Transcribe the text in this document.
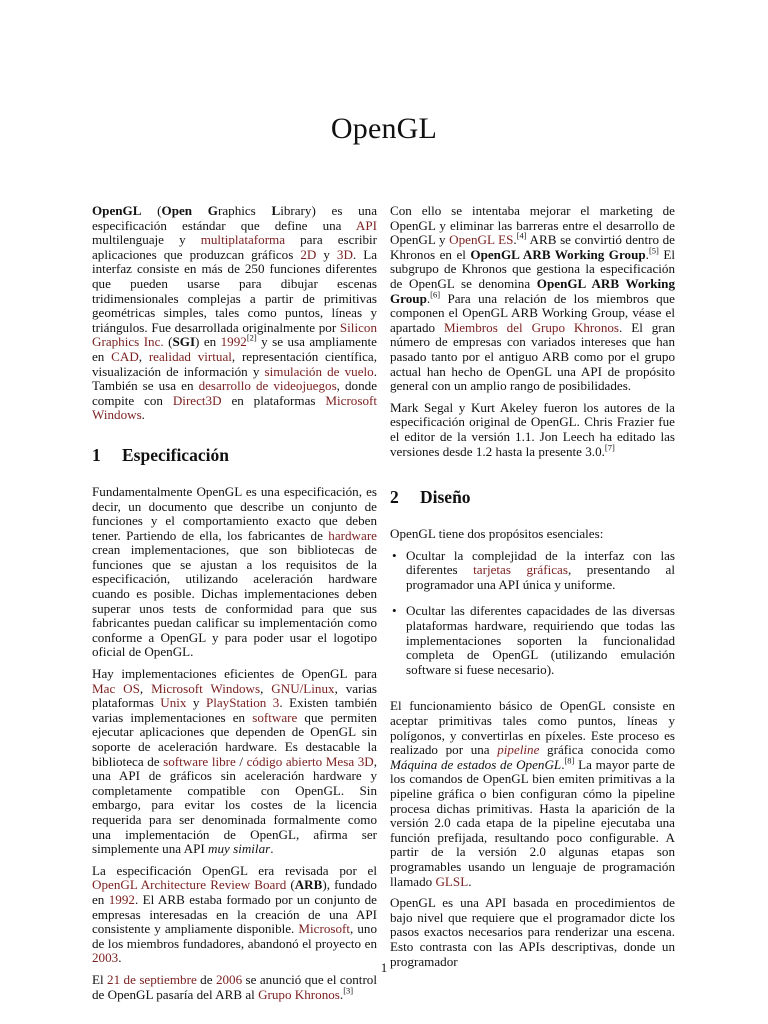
OpenGL

OpenGL (Open Graphics Library) es una especificación estándar que define una API multilenguaje y multiplataforma para escribir aplicaciones que produzcan gráficos 2D y 3D. La interfaz consiste en más de 250 funciones diferentes que pueden usarse para dibujar escenas tridimensionales complejas a partir de primitivas geométricas simples, tales como puntos, líneas y triángulos. Fue desarrollada originalmente por Silicon Graphics Inc. (SGI) en 1992[2] y se usa ampliamente en CAD, realidad virtual, representación científica, visualización de información y simulación de vuelo. También se usa en desarrollo de videojuegos, donde compite con Direct3D en plataformas Microsoft Windows.

1 Especificación

Fundamentalmente OpenGL es una especificación, es decir, un documento que describe un conjunto de funciones y el comportamiento exacto que deben tener. Partiendo de ella, los fabricantes de hardware crean implementaciones, que son bibliotecas de funciones que se ajustan a los requisitos de la especificación, utilizando aceleración hardware cuando es posible. Dichas implementaciones deben superar unos tests de conformidad para que sus fabricantes puedan calificar su implementación como conforme a OpenGL y para poder usar el logotipo oficial de OpenGL.

Hay implementaciones eficientes de OpenGL para Mac OS, Microsoft Windows, GNU/Linux, varias plataformas Unix y PlayStation 3. Existen también varias implementaciones en software que permiten ejecutar aplicaciones que dependen de OpenGL sin soporte de aceleración hardware. Es destacable la biblioteca de software libre / código abierto Mesa 3D, una API de gráficos sin aceleración hardware y completamente compatible con OpenGL. Sin embargo, para evitar los costes de la licencia requerida para ser denominada formalmente como una implementación de OpenGL, afirma ser simplemente una API muy similar.

La especificación OpenGL era revisada por el OpenGL Architecture Review Board (ARB), fundado en 1992. El ARB estaba formado por un conjunto de empresas interesadas en la creación de una API consistente y ampliamente disponible. Microsoft, uno de los miembros fundadores, abandonó el proyecto en 2003.

El 21 de septiembre de 2006 se anunció que el control de OpenGL pasaría del ARB al Grupo Khronos.[3]

Con ello se intentaba mejorar el marketing de OpenGL y eliminar las barreras entre el desarrollo de OpenGL y OpenGL ES.[4] ARB se convirtió dentro de Khronos en el OpenGL ARB Working Group.[5] El subgrupo de Khronos que gestiona la especificación de OpenGL se denomina OpenGL ARB Working Group.[6] Para una relación de los miembros que componen el OpenGL ARB Working Group, véase el apartado Miembros del Grupo Khronos. El gran número de empresas con variados intereses que han pasado tanto por el antiguo ARB como por el grupo actual han hecho de OpenGL una API de propósito general con un amplio rango de posibilidades.

Mark Segal y Kurt Akeley fueron los autores de la especificación original de OpenGL. Chris Frazier fue el editor de la versión 1.1. Jon Leech ha editado las versiones desde 1.2 hasta la presente 3.0.[7]

2 Diseño

OpenGL tiene dos propósitos esenciales:

• Ocultar la complejidad de la interfaz con las diferentes tarjetas gráficas, presentando al programador una API única y uniforme.
• Ocultar las diferentes capacidades de las diversas plataformas hardware, requiriendo que todas las implementaciones soporten la funcionalidad completa de OpenGL (utilizando emulación software si fuese necesario).

El funcionamiento básico de OpenGL consiste en aceptar primitivas tales como puntos, líneas y polígonos, y convertirlas en píxeles. Este proceso es realizado por una pipeline gráfica conocida como Máquina de estados de OpenGL.[8] La mayor parte de los comandos de OpenGL bien emiten primitivas a la pipeline gráfica o bien configuran cómo la pipeline procesa dichas primitivas. Hasta la aparición de la versión 2.0 cada etapa de la pipeline ejecutaba una función prefijada, resultando poco configurable. A partir de la versión 2.0 algunas etapas son programables usando un lenguaje de programación llamado GLSL.

OpenGL es una API basada en procedimientos de bajo nivel que requiere que el programador dicte los pasos exactos necesarios para renderizar una escena. Esto contrasta con las APIs descriptivas, donde un programador

1
